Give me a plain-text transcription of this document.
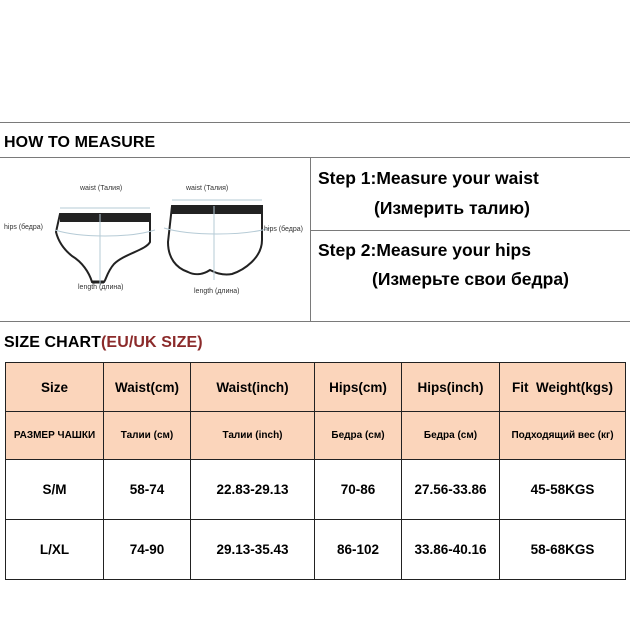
HOW TO MEASURE
waist (Талия)
hips (бедра)
length (длина)
waist (Талия)
hips (бедра)
length (длина)
Step 1:Measure your waist
(Измерить талию)
Step 2:Measure your hips
(Измерьте свои бедра)
SIZE CHART(EU/UK SIZE)
Size	Waist(cm)	Waist(inch)	Hips(cm)	Hips(inch)	Fit  Weight(kgs)
РАЗМЕР ЧАШКИ	Талии (см)	Талии (inch)	Бедра (см)	Бедра (см)	Подходящий вес (кг)
S/M	58-74	22.83-29.13	70-86	27.56-33.86	45-58KGS
L/XL	74-90	29.13-35.43	86-102	33.86-40.16	58-68KGS
